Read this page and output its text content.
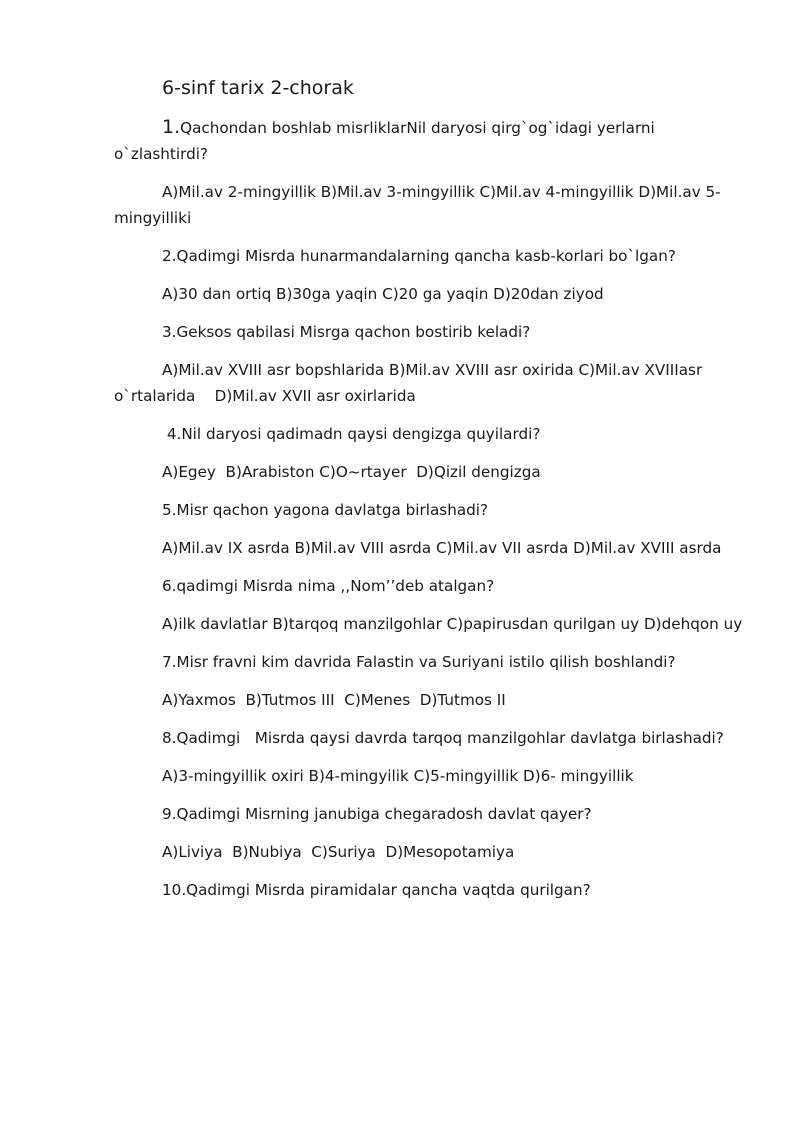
6-sinf tarix 2-chorak

1.Qachondan boshlab misrliklarNil daryosi qirg`og`idagi yerlarni

o`zlashtirdi?

A)Mil.av 2-mingyillik B)Mil.av 3-mingyillik C)Mil.av 4-mingyillik D)Mil.av 5-

mingyilliki

2.Qadimgi Misrda hunarmandalarning qancha kasb-korlari bo`lgan?

A)30 dan ortiq B)30ga yaqin C)20 ga yaqin D)20dan ziyod

3.Geksos qabilasi Misrga qachon bostirib keladi?

A)Mil.av XVIII asr bopshlarida B)Mil.av XVIII asr oxirida C)Mil.av XVIIIasr

o`rtalarida    D)Mil.av XVII asr oxirlarida

4.Nil daryosi qadimadn qaysi dengizga quyilardi?

A)Egey  B)Arabiston C)O~rtayer  D)Qizil dengizga

5.Misr qachon yagona davlatga birlashadi?

A)Mil.av IX asrda B)Mil.av VIII asrda C)Mil.av VII asrda D)Mil.av XVIII asrda

6.qadimgi Misrda nima ,,Nom’’deb atalgan?

A)ilk davlatlar B)tarqoq manzilgohlar C)papirusdan qurilgan uy D)dehqon uy

7.Misr fravni kim davrida Falastin va Suriyani istilo qilish boshlandi?

A)Yaxmos  B)Tutmos III  C)Menes  D)Tutmos II

8.Qadimgi   Misrda qaysi davrda tarqoq manzilgohlar davlatga birlashadi?

A)3-mingyillik oxiri B)4-mingyilik C)5-mingyillik D)6- mingyillik

9.Qadimgi Misrning janubiga chegaradosh davlat qayer?

A)Liviya  B)Nubiya  C)Suriya  D)Mesopotamiya

10.Qadimgi Misrda piramidalar qancha vaqtda qurilgan?
